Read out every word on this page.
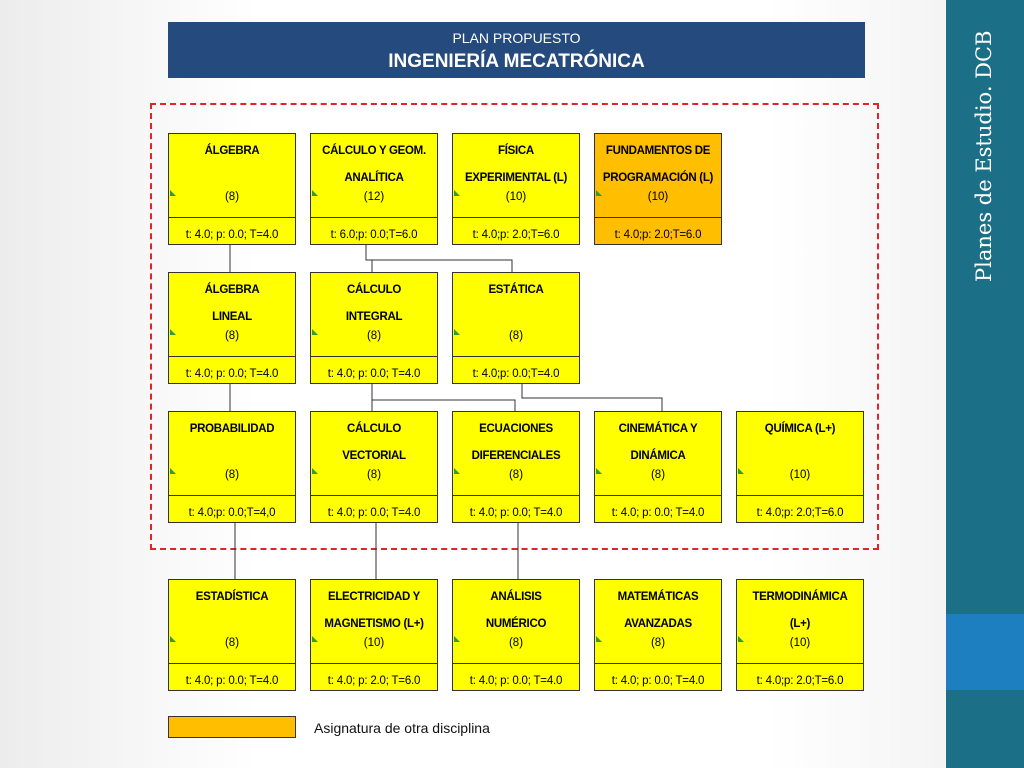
Planes de Estudio. DCB
PLAN PROPUESTO
INGENIERÍA MECATRÓNICA
ÁLGEBRA
(8)
t: 4.0; p: 0.0; T=4.0
CÁLCULO Y GEOM.
ANALÍTICA
(12)
t: 6.0;p: 0.0;T=6.0
FÍSICA
EXPERIMENTAL (L)
(10)
t: 4.0;p: 2.0;T=6.0
FUNDAMENTOS DE
PROGRAMACIÓN (L)
(10)
t: 4.0;p: 2.0;T=6.0
ÁLGEBRA
LINEAL
(8)
t: 4.0; p: 0.0; T=4.0
CÁLCULO
INTEGRAL
(8)
t: 4.0; p: 0.0; T=4.0
ESTÁTICA
(8)
t: 4.0;p: 0.0;T=4.0
PROBABILIDAD
(8)
t: 4.0;p: 0.0;T=4,0
CÁLCULO
VECTORIAL
(8)
t: 4.0; p: 0.0; T=4.0
ECUACIONES
DIFERENCIALES
(8)
t: 4.0; p: 0.0; T=4.0
CINEMÁTICA Y
DINÁMICA
(8)
t: 4.0; p: 0.0; T=4.0
QUÍMICA (L+)
(10)
t: 4.0;p: 2.0;T=6.0
ESTADÍSTICA
(8)
t: 4.0; p: 0.0; T=4.0
ELECTRICIDAD Y
MAGNETISMO (L+)
(10)
t: 4.0; p: 2.0; T=6.0
ANÁLISIS
NUMÉRICO
(8)
t: 4.0; p: 0.0; T=4.0
MATEMÁTICAS
AVANZADAS
(8)
t: 4.0; p: 0.0; T=4.0
TERMODINÁMICA
(L+)
(10)
t: 4.0;p: 2.0;T=6.0
Asignatura de otra disciplina
